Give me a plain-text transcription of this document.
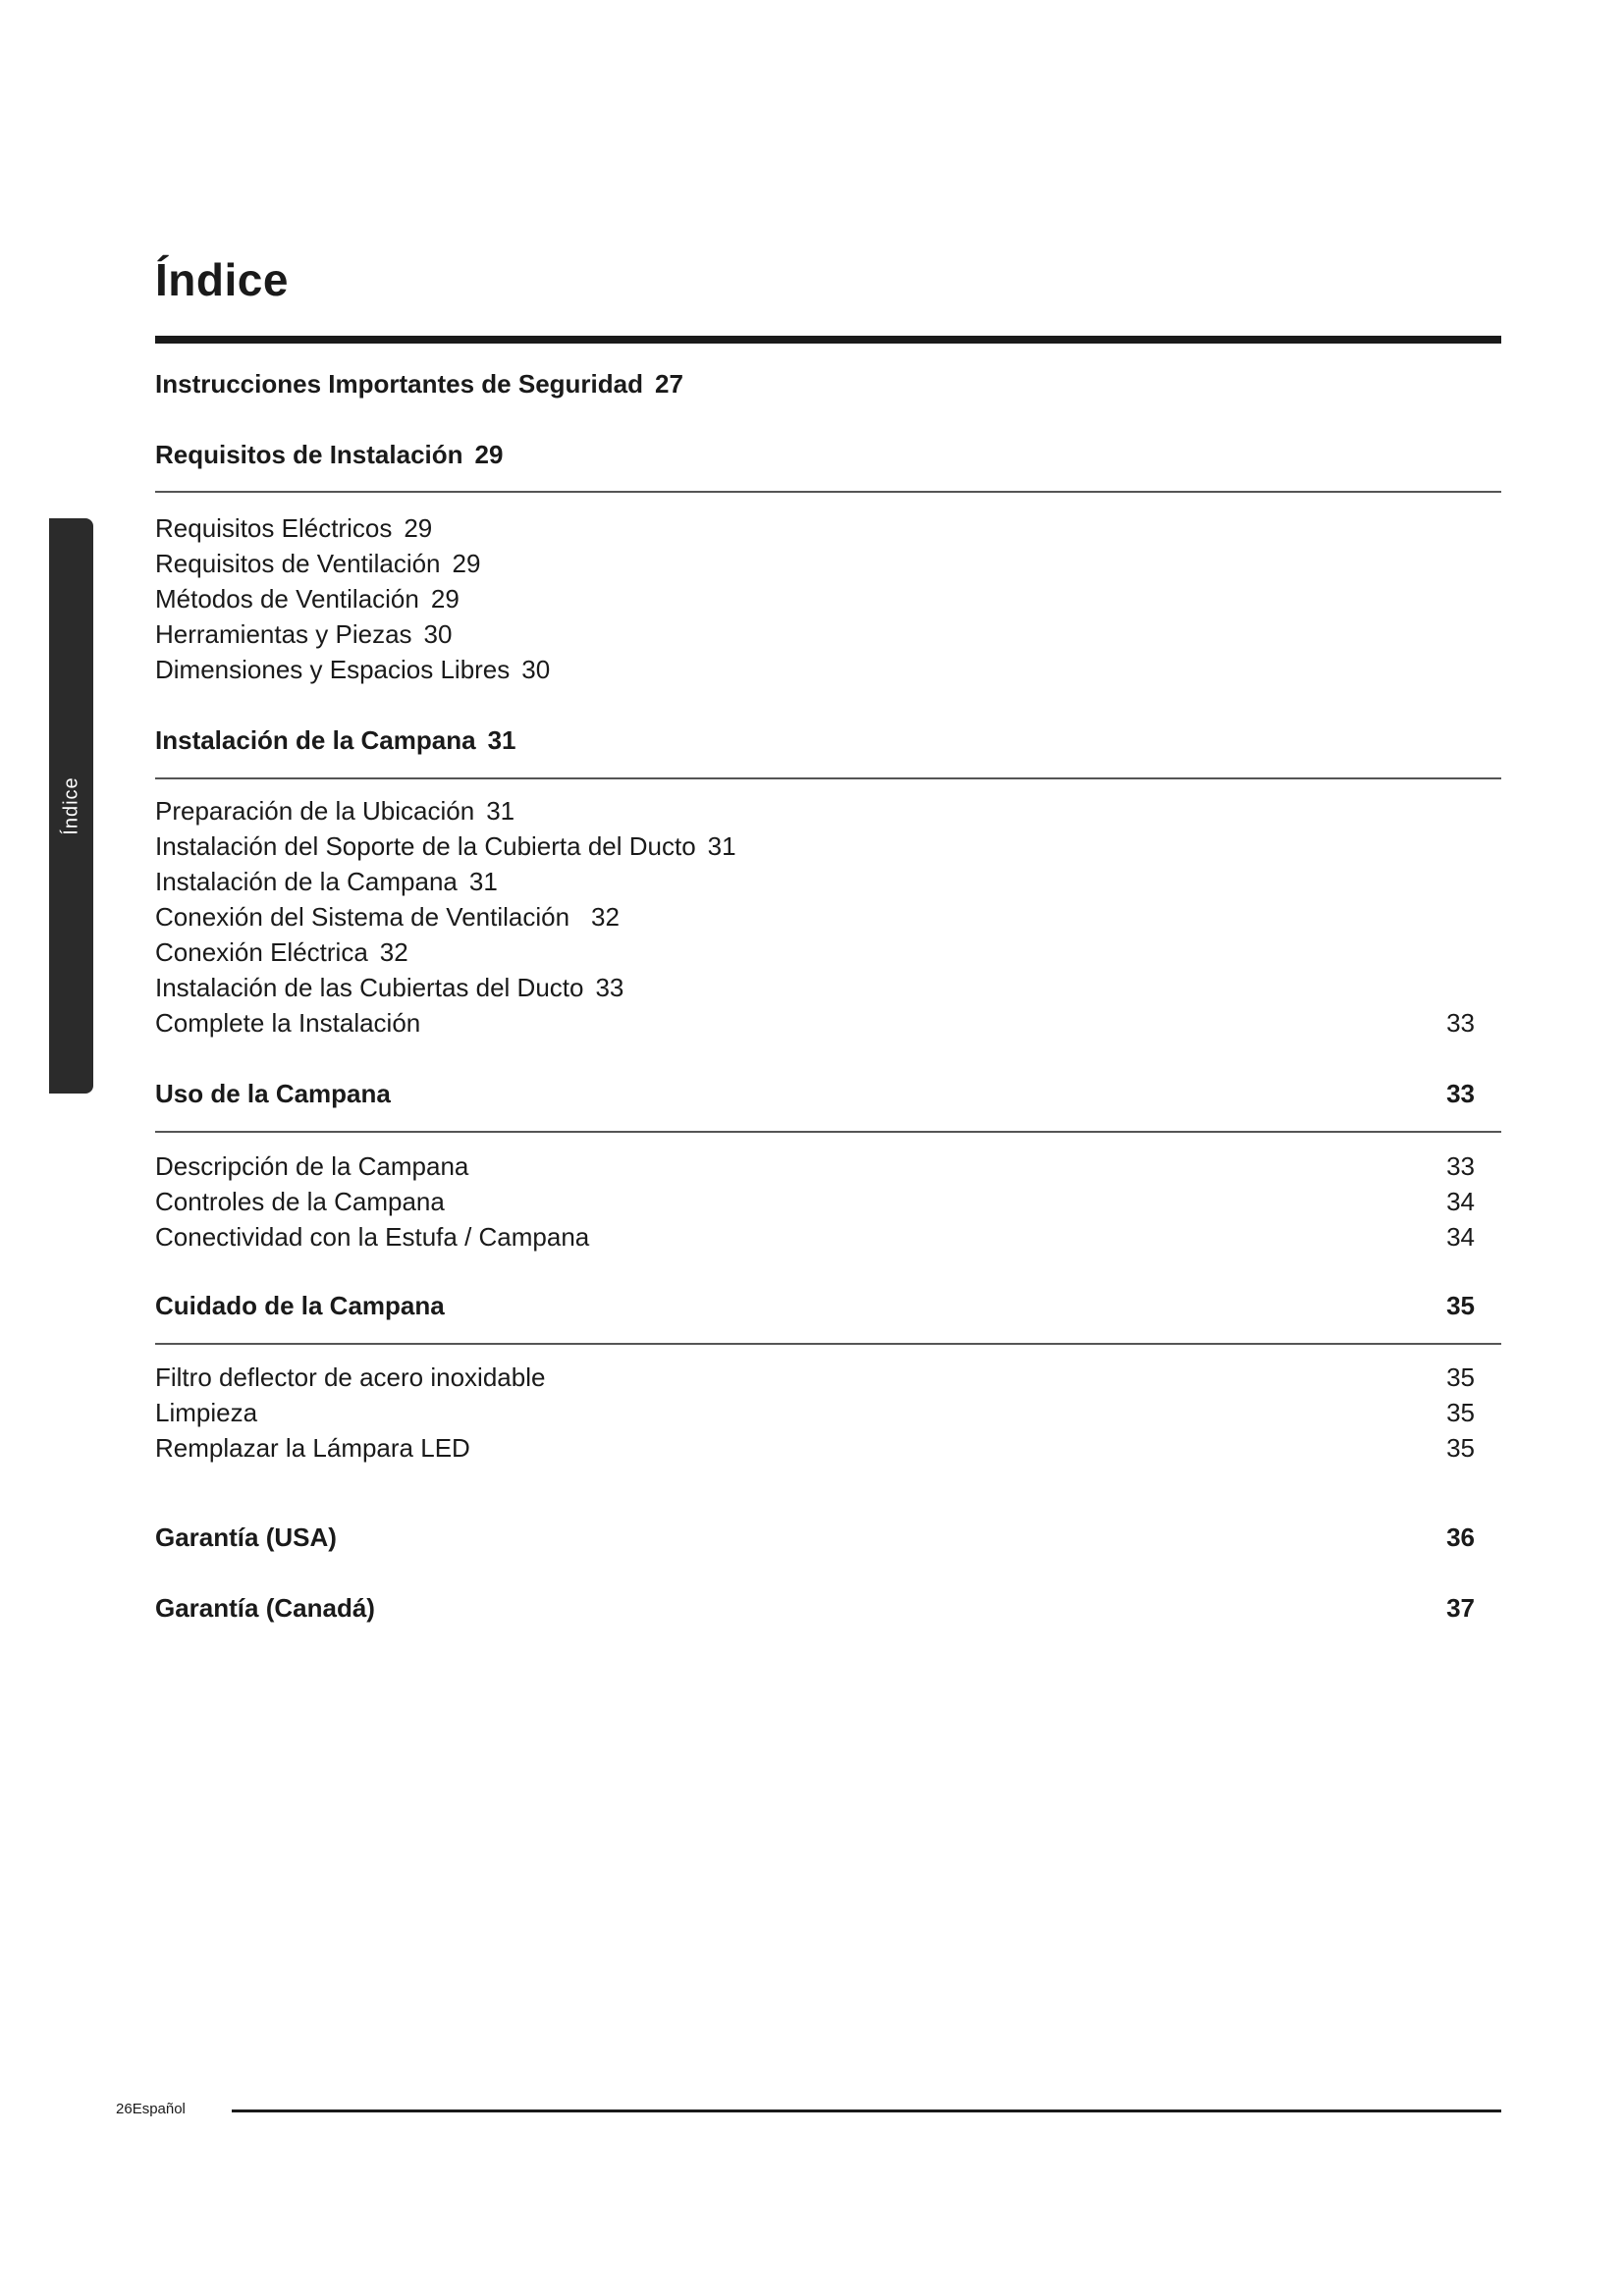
Índice
Índice
Instrucciones Importantes de Seguridad 27
Requisitos de Instalación 29
Requisitos Eléctricos 29
Requisitos de Ventilación 29
Métodos de Ventilación 29
Herramientas y Piezas 30
Dimensiones y Espacios Libres 30
Instalación de la Campana 31
Preparación de la Ubicación 31
Instalación del Soporte de la Cubierta del Ducto 31
Instalación de la Campana 31
Conexión del Sistema de Ventilación 32
Conexión Eléctrica 32
Instalación de las Cubiertas del Ducto 33
Complete la Instalación	33
Uso de la Campana	33
Descripción de la Campana	33
Controles de la Campana	34
Conectividad con la Estufa / Campana	34
Cuidado de la Campana	35
Filtro deflector de acero inoxidable	35
Limpieza	35
Remplazar la Lámpara LED	35
Garantía (USA)	36
Garantía (Canadá)	37
26Español
